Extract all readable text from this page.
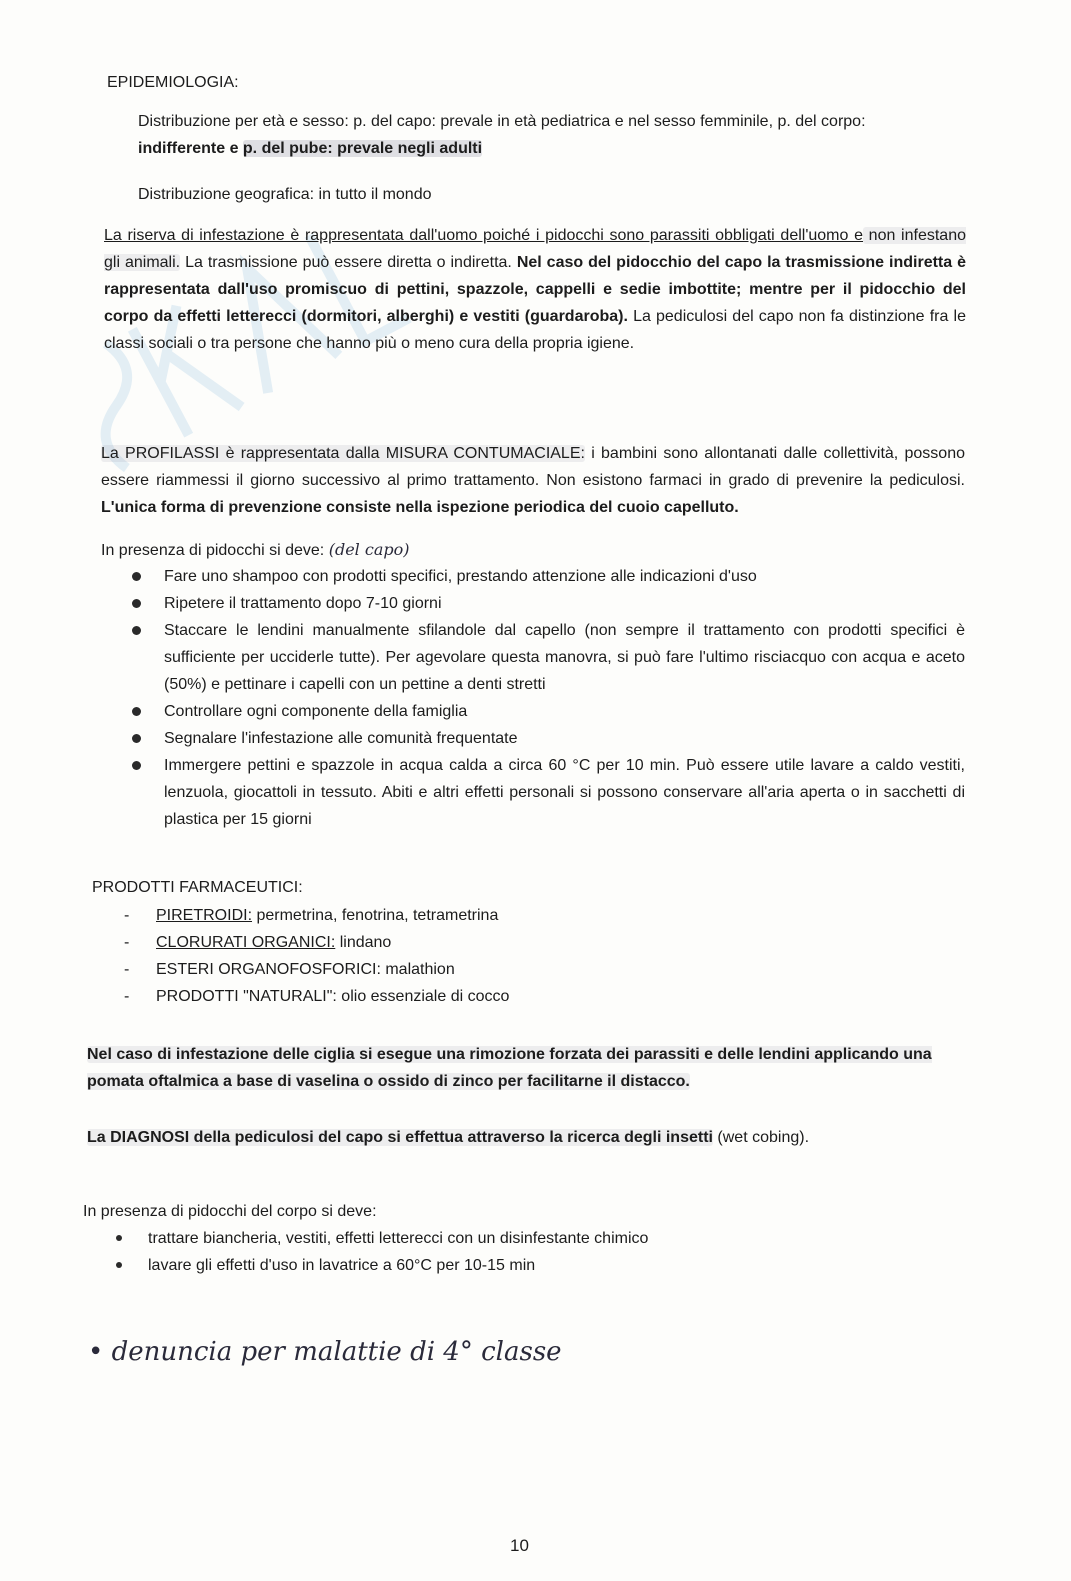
EPIDEMIOLOGIA:

Distribuzione per età e sesso: p. del capo: prevale in età pediatrica e nel sesso femminile, p. del corpo:
indifferente e p. del pube: prevale negli adulti

Distribuzione geografica: in tutto il mondo

La riserva di infestazione è rappresentata dall'uomo poiché i pidocchi sono parassiti obbligati dell'uomo e non infestano gli animali. La trasmissione può essere diretta o indiretta. Nel caso del pidocchio del capo la trasmissione indiretta è rappresentata dall'uso promiscuo di pettini, spazzole, cappelli e sedie imbottite; mentre per il pidocchio del corpo da effetti letterecci (dormitori, alberghi) e vestiti (guardaroba). La pediculosi del capo non fa distinzione fra le classi sociali o tra persone che hanno più o meno cura della propria igiene.

La PROFILASSI è rappresentata dalla MISURA CONTUMACIALE: i bambini sono allontanati dalle collettività, possono essere riammessi il giorno successivo al primo trattamento. Non esistono farmaci in grado di prevenire la pediculosi. L'unica forma di prevenzione consiste nella ispezione periodica del cuoio capelluto.

In presenza di pidocchi si deve: (del capo)

Fare uno shampoo con prodotti specifici, prestando attenzione alle indicazioni d'uso
Ripetere il trattamento dopo 7-10 giorni
Staccare le lendini manualmente sfilandole dal capello (non sempre il trattamento con prodotti specifici è sufficiente per ucciderle tutte). Per agevolare questa manovra, si può fare l'ultimo risciacquo con acqua e aceto (50%) e pettinare i capelli con un pettine a denti stretti
Controllare ogni componente della famiglia
Segnalare l'infestazione alle comunità frequentate
Immergere pettini e spazzole in acqua calda a circa 60 °C per 10 min. Può essere utile lavare a caldo vestiti, lenzuola, giocattoli in tessuto. Abiti e altri effetti personali si possono conservare all'aria aperta o in sacchetti di plastica per 15 giorni

PRODOTTI FARMACEUTICI:

- PIRETROIDI: permetrina, fenotrina, tetrametrina
- CLORURATI ORGANICI: lindano
- ESTERI ORGANOFOSFORICI: malathion
- PRODOTTI "NATURALI": olio essenziale di cocco

Nel caso di infestazione delle ciglia si esegue una rimozione forzata dei parassiti e delle lendini applicando una pomata oftalmica a base di vaselina o ossido di zinco per facilitarne il distacco.

La DIAGNOSI della pediculosi del capo si effettua attraverso la ricerca degli insetti (wet cobing).

In presenza di pidocchi del corpo si deve:

trattare biancheria, vestiti, effetti letterecci con un disinfestante chimico
lavare gli effetti d'uso in lavatrice a 60°C per 10-15 min

• denuncia per malattie di 4° classe

10
